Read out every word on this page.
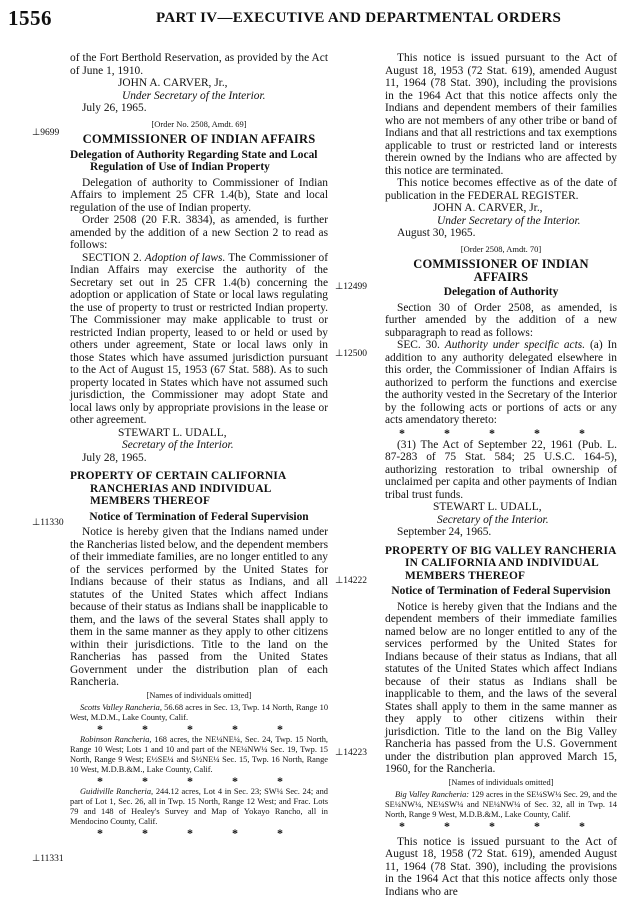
1556	PART IV—EXECUTIVE AND DEPARTMENTAL ORDERS
⊥9699
⊥11330
⊥11331
⊥12499
⊥12500
⊥14222
⊥14223

of the Fort Berthold Reservation, as provided by the Act of June 1, 1910.

JOHN A. CARVER, Jr.,

Under Secretary of the Interior.

July 26, 1965.

[Order No. 2508, Amdt. 69]

COMMISSIONER OF INDIAN AFFAIRS

Delegation of Authority Regarding State and Local Regulation of Use of Indian Property

Delegation of authority to Commissioner of Indian Affairs to implement 25 CFR 1.4(b), State and local regulation of the use of Indian property.

Order 2508 (20 F.R. 3834), as amended, is further amended by the addition of a new Section 2 to read as follows:

SECTION 2. Adoption of laws. The Commissioner of Indian Affairs may exercise the authority of the Secretary set out in 25 CFR 1.4(b) concerning the adoption or application of State or local laws regulating the use of property to trust or restricted Indian property. The Commissioner may make applicable to trust or restricted Indian property, leased to or held or used by others under agreement, State or local laws only in those States which have assumed jurisdiction pursuant to the Act of August 15, 1953 (67 Stat. 588). As to such property located in States which have not assumed such jurisdiction, the Commissioner may adopt State and local laws only by appropriate provisions in the lease or other agreement.

STEWART L. UDALL,

Secretary of the Interior.

July 28, 1965.

PROPERTY OF CERTAIN CALIFORNIA RANCHERIAS AND INDIVIDUAL MEMBERS THEREOF

Notice of Termination of Federal Supervision

Notice is hereby given that the Indians named under the Rancherias listed below, and the dependent members of their immediate families, are no longer entitled to any of the services performed by the United States for Indians because of their status as Indians, and all statutes of the United States which affect Indians because of their status as Indians shall be inapplicable to them, and the laws of the several States shall apply to them in the same manner as they apply to other citizens within their jurisdictions. Title to the land on the Rancherias has passed from the United States Government under the distribution plan of each Rancheria.

[Names of individuals omitted]

Scotts Valley Rancheria, 56.68 acres in Sec. 13, Twp. 14 North, Range 10 West, M.D.M., Lake County, Calif.

* * * * *

Robinson Rancheria, 168 acres, the NE¼NE¼, Sec. 24, Twp. 15 North, Range 10 West; Lots 1 and 10 and part of the NE¼NW¼ Sec. 19, Twp. 15 North, Range 9 West; E½SE¼ and S½NE¼ Sec. 15, Twp. 16 North, Range 10 West, M.D.B.&M., Lake County, Calif.

* * * * *

Guidiville Rancheria, 244.12 acres, Lot 4 in Sec. 23; SW¼ Sec. 24; and part of Lot 1, Sec. 26, all in Twp. 15 North, Range 12 West; and Frac. Lots 79 and 148 of Healey's Survey and Map of Yokayo Rancho, all in Mendocino County, Calif.

* * * * *

This notice is issued pursuant to the Act of August 18, 1953 (72 Stat. 619), amended August 11, 1964 (78 Stat. 390), including the provisions in the 1964 Act that this notice affects only the Indians and dependent members of their families who are not members of any other tribe or band of Indians and that all restrictions and tax exemptions applicable to trust or restricted land or interests therein owned by the Indians who are affected by this notice are terminated.

This notice becomes effective as of the date of publication in the FEDERAL REGISTER.

JOHN A. CARVER, Jr.,

Under Secretary of the Interior.

August 30, 1965.

[Order 2508, Amdt. 70]

COMMISSIONER OF INDIAN AFFAIRS

Delegation of Authority

Section 30 of Order 2508, as amended, is further amended by the addition of a new subparagraph to read as follows:

SEC. 30. Authority under specific acts. (a) In addition to any authority delegated elsewhere in this order, the Commissioner of Indian Affairs is authorized to perform the functions and exercise the authority vested in the Secretary of the Interior by the following acts or portions of acts or any acts amendatory thereto:

* * * * *

(31) The Act of September 22, 1961 (Pub. L. 87-283 of 75 Stat. 584; 25 U.S.C. 164-5), authorizing restoration to tribal ownership of unclaimed per capita and other payments of Indian tribal trust funds.

STEWART L. UDALL,

Secretary of the Interior.

September 24, 1965.

PROPERTY OF BIG VALLEY RANCHERIA IN CALIFORNIA AND INDIVIDUAL MEMBERS THEREOF

Notice of Termination of Federal Supervision

Notice is hereby given that the Indians and the dependent members of their immediate families named below are no longer entitled to any of the services performed by the United States for Indians because of their status as Indians, that all statutes of the United States which affect Indians because of their status as Indians shall be inapplicable to them, and the laws of the several States shall apply to them in the same manner as they apply to other citizens within their jurisdiction. Title to the land on the Big Valley Rancheria has passed from the U.S. Government under the distribution plan approved March 15, 1960, for the Rancheria.

[Names of individuals omitted]

Big Valley Rancheria: 129 acres in the SE¼SW¼ Sec. 29, and the SE¼NW¼, NE¼SW¼ and NE¼NW¼ of Sec. 32, all in Twp. 14 North, Range 9 West, M.D.B.&M., Lake County, Calif.

* * * * *

This notice is issued pursuant to the Act of August 18, 1958 (72 Stat. 619), amended August 11, 1964 (78 Stat. 390), including the provisions in the 1964 Act that this notice affects only those Indians who are
